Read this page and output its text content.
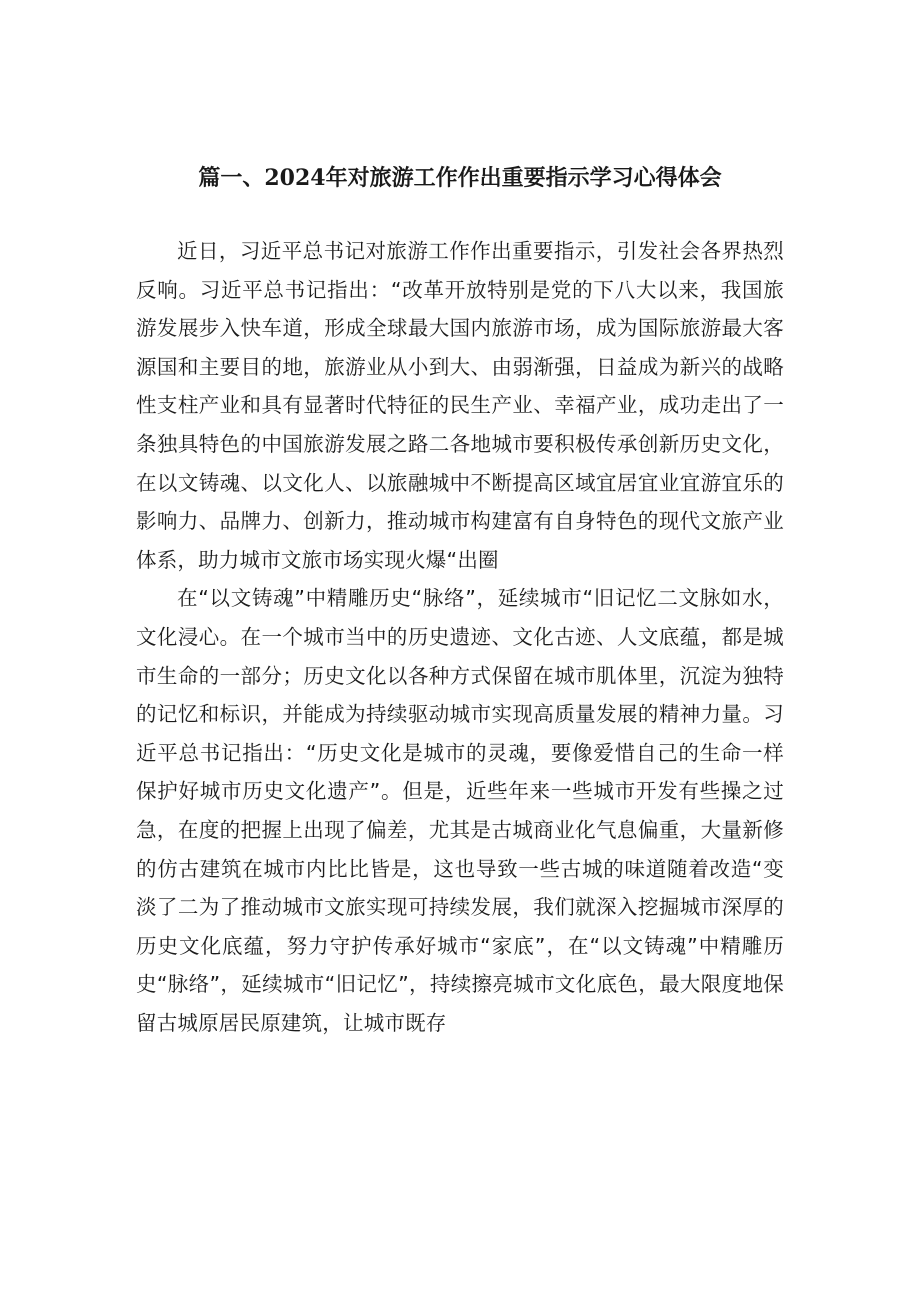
篇一、2024年对旅游工作作出重要指示学习心得体会

近日，习近平总书记对旅游工作作出重要指示，引发社会各界热烈反响。习近平总书记指出：“改革开放特别是党的下八大以来，我国旅游发展步入快车道，形成全球最大国内旅游市场，成为国际旅游最大客源国和主要目的地，旅游业从小到大、由弱渐强，日益成为新兴的战略性支柱产业和具有显著时代特征的民生产业、幸福产业，成功走出了一条独具特色的中国旅游发展之路二各地城市要积极传承创新历史文化，在以文铸魂、以文化人、以旅融城中不断提高区域宜居宜业宜游宜乐的影响力、品牌力、创新力，推动城市构建富有自身特色的现代文旅产业体系，助力城市文旅市场实现火爆“出圈

在“以文铸魂”中精雕历史“脉络”，延续城市“旧记忆二文脉如水，文化浸心。在一个城市当中的历史遗迹、文化古迹、人文底蕴，都是城市生命的一部分；历史文化以各种方式保留在城市肌体里，沉淀为独特的记忆和标识，并能成为持续驱动城市实现高质量发展的精神力量。习近平总书记指出：“历史文化是城市的灵魂，要像爱惜自己的生命一样保护好城市历史文化遗产”。但是，近些年来一些城市开发有些操之过急，在度的把握上出现了偏差，尤其是古城商业化气息偏重，大量新修的仿古建筑在城市内比比皆是，这也导致一些古城的味道随着改造“变淡了二为了推动城市文旅实现可持续发展，我们就深入挖掘城市深厚的历史文化底蕴，努力守护传承好城市“家底”，在“以文铸魂”中精雕历史“脉络”，延续城市“旧记忆”，持续擦亮城市文化底色，最大限度地保留古城原居民原建筑，让城市既存
